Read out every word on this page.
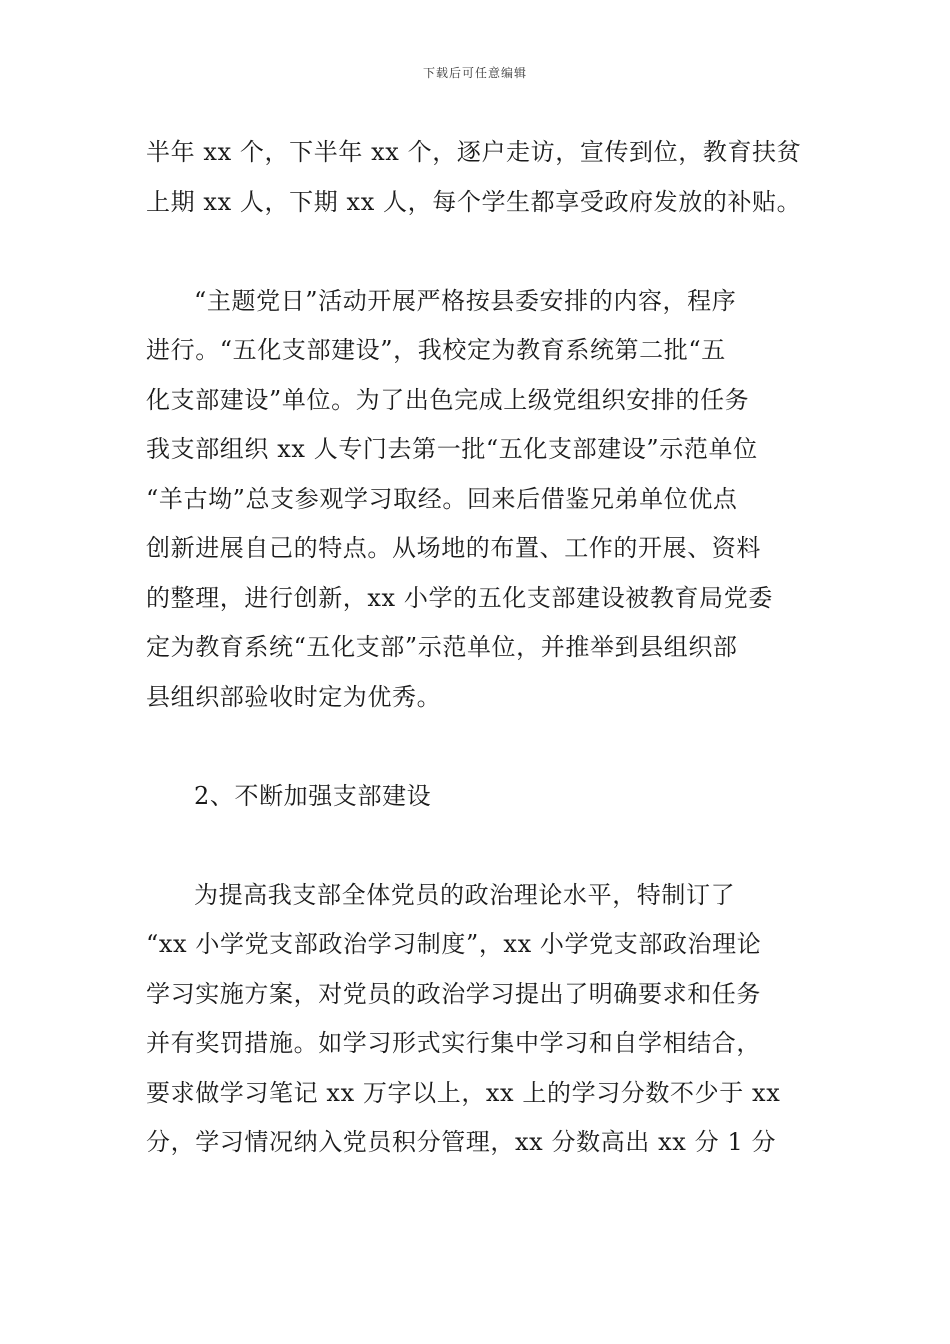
下载后可任意编辑
半年 xx 个，下半年 xx 个，逐户走访，宣传到位，教育扶贫
上期 xx 人，下期 xx 人，每个学生都享受政府发放的补贴。
“主题党日”活动开展严格按县委安排的内容，程序
进行。“五化支部建设”，我校定为教育系统第二批“五
化支部建设”单位。为了出色完成上级党组织安排的任务
我支部组织 xx 人专门去第一批“五化支部建设”示范单位
“羊古坳”总支参观学习取经。回来后借鉴兄弟单位优点
创新进展自己的特点。从场地的布置、工作的开展、资料
的整理，进行创新，xx 小学的五化支部建设被教育局党委
定为教育系统“五化支部”示范单位，并推举到县组织部
县组织部验收时定为优秀。
2、不断加强支部建设
为提高我支部全体党员的政治理论水平，特制订了
“xx 小学党支部政治学习制度”，xx 小学党支部政治理论
学习实施方案，对党员的政治学习提出了明确要求和任务
并有奖罚措施。如学习形式实行集中学习和自学相结合，
要求做学习笔记 xx 万字以上，xx 上的学习分数不少于 xx
分，学习情况纳入党员积分管理，xx 分数高出 xx 分 1 分
